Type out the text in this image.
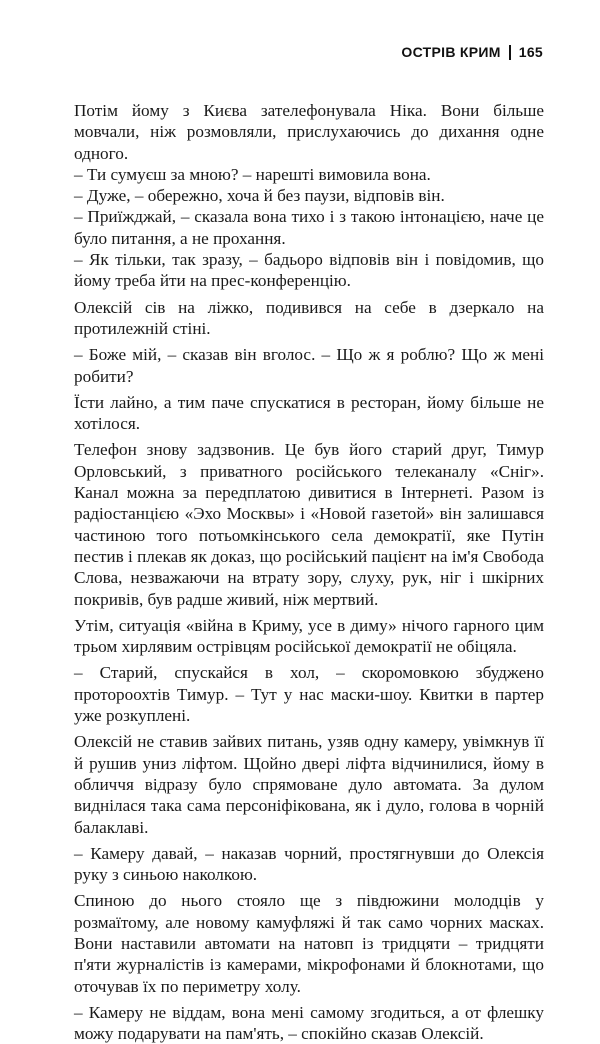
ОСТРІВ КРИМ 165

Потім йому з Києва зателефонувала Ніка. Вони більше мовчали, ніж розмовляли, прислухаючись до дихання одне одного.

– Ти сумуєш за мною? – нарешті вимовила вона.

– Дуже, – обережно, хоча й без паузи, відповів він.

– Приїжджай, – сказала вона тихо і з такою інтонацією, наче це було питання, а не прохання.

– Як тільки, так зразу, – бадьоро відповів він і повідомив, що йому треба йти на прес-конференцію.

Олексій сів на ліжко, подивився на себе в дзеркало на протилежній стіні.

– Боже мій, – сказав він вголос. – Що ж я роблю? Що ж мені робити?

Їсти лайно, а тим паче спускатися в ресторан, йому більше не хотілося.

Телефон знову задзвонив. Це був його старий друг, Тимур Орловський, з приватного російського телеканалу «Сніг». Канал можна за передплатою дивитися в Інтернеті. Разом із радіостанцією «Эхо Москвы» і «Новой газетой» він залишався частиною того потьомкінського села демократії, яке Путін пестив і плекав як доказ, що російський пацієнт на ім'я Свобода Слова, незважаючи на втрату зору, слуху, рук, ніг і шкірних покривів, був радше живий, ніж мертвий.

Утім, ситуація «війна в Криму, усе в диму» нічого гарного цим трьом хирлявим острівцям російської демократії не обіцяла.

– Старий, спускайся в хол, – скоромовкою збуджено протороохтів Тимур. – Тут у нас маски-шоу. Квитки в партер уже розкуплені.

Олексій не ставив зайвих питань, узяв одну камеру, увімкнув її й рушив униз ліфтом. Щойно двері ліфта відчинилися, йому в обличчя відразу було спрямоване дуло автомата. За дулом виднілася така сама персоніфікована, як і дуло, голова в чорній балаклаві.

– Камеру давай, – наказав чорний, простягнувши до Олексія руку з синьою наколкою.

Спиною до нього стояло ще з півдюжини молодців у розмаїтому, але новому камуфляжі й так само чорних масках. Вони наставили автомати на натовп із тридцяти – тридцяти п'яти журналістів із камерами, мікрофонами й блокнотами, що оточував їх по периметру холу.

– Камеру не віддам, вона мені самому згодиться, а от флешку можу подарувати на пам'ять, – спокійно сказав Олексій.
